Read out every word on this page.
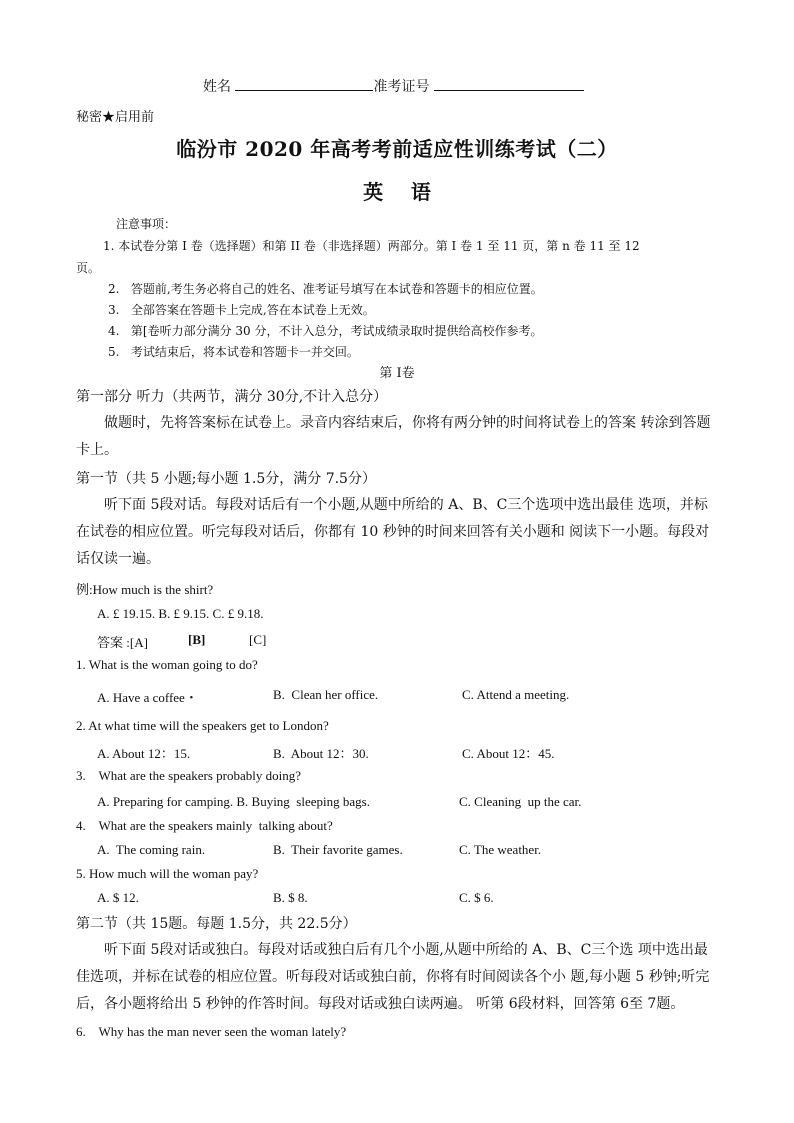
姓名	准考证号
秘密★启用前
临汾市 2020 年高考考前适应性训练考试（二）
英    语
注意事项：
1. 本试卷分第 I 卷（选择题）和第 II 卷（非选择题）两部分。第 I 卷 1 至 11 页，第 n 卷 11 至 12
页。
2.   答题前,考生务必将自己的姓名、准考证号填写在本试卷和答题卡的相应位置。
3.   全部答案在答题卡上完成,答在本试卷上无效。
4.   第[卷听力部分满分 30 分，不计入总分，考试成绩录取时提供给高校作参考。
5.   考试结束后，将本试卷和答题卡一并交回。
第 I卷
第一部分 听力（共两节，满分 30分,不计入总分）
做题时，先将答案标在试卷上。录音内容结束后，你将有两分钟的时间将试卷上的答案 转涂到答题卡上。
第一节（共 5 小题;每小题 1.5分，满分 7.5分）
听下面 5段对话。每段对话后有一个小题,从题中所给的 A、B、C三个选项中选出最佳 选项，并标在试卷的相应位置。听完每段对话后，你都有 10 秒钟的时间来回答有关小题和 阅读下一小题。每段对话仅读一遍。
例:How much is the shirt?
A. £ 19.15. B. £ 9.15. C. £ 9.18.
答案 :[A]	[B]	[C]
1. What is the woman going to do?
A. Have a coffee・	B.  Clean her office.	C. Attend a meeting.
2. At what time will the speakers get to London?
A. About 12：15.	B.  About 12：30.	C. About 12：45.
3.    What are the speakers probably doing?
A. Preparing for camping. B. Buying  sleeping bags.	C. Cleaning  up the car.
4.    What are the speakers mainly  talking about?
A.  The coming rain.	B.  Their favorite games.	C. The weather.
5. How much will the woman pay?
A. $ 12.	B. $ 8.	C. $ 6.
第二节（共 15题。每题 1.5分，共 22.5分）
听下面 5段对话或独白。每段对话或独白后有几个小题,从题中所给的 A、B、C三个选 项中选出最佳选项，并标在试卷的相应位置。听每段对话或独白前，你将有时间阅读各个小 题,每小题 5 秒钟;听完后，各小题将给出 5 秒钟的作答时间。每段对话或独白读两遍。 听第 6段材料，回答第 6至 7题。
6.    Why has the man never seen the woman lately?
